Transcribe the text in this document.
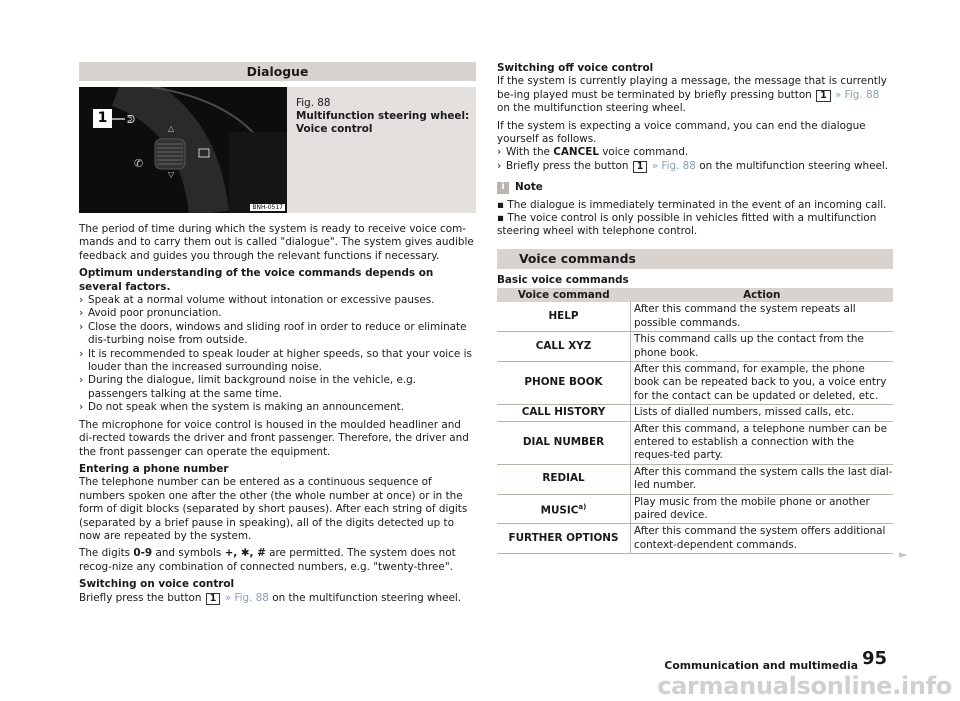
Dialogue
ᕲ
△
▽
✆
1
BNH-0517
Fig. 88
Multifunction steering wheel:
Voice control

The period of time during which the system is ready to receive voice com-mands and to carry them out is called "dialogue". The system gives audible feedback and guides you through the relevant functions if necessary.

Optimum understanding of the voice commands depends on several factors.

› Speak at a normal volume without intonation or excessive pauses.
› Avoid poor pronunciation.
› Close the doors, windows and sliding roof in order to reduce or eliminate dis-turbing noise from outside.
› It is recommended to speak louder at higher speeds, so that your voice is louder than the increased surrounding noise.
› During the dialogue, limit background noise in the vehicle, e.g. passengers talking at the same time.
› Do not speak when the system is making an announcement.

The microphone for voice control is housed in the moulded headliner and di-rected towards the driver and front passenger. Therefore, the driver and the front passenger can operate the equipment.

Entering a phone number

The telephone number can be entered as a continuous sequence of numbers spoken one after the other (the whole number at once) or in the form of digit blocks (separated by short pauses). After each string of digits (separated by a brief pause in speaking), all of the digits detected up to now are repeated by the system.

The digits 0-9 and symbols +, ✱, # are permitted. The system does not recog-nize any combination of connected numbers, e.g. "twenty-three".

Switching on voice control

Briefly press the button 1 » Fig. 88 on the multifunction steering wheel.

Switching off voice control

If the system is currently playing a message, the message that is currently be-ing played must be terminated by briefly pressing button 1 » Fig. 88 on the multifunction steering wheel.

If the system is expecting a voice command, you can end the dialogue yourself as follows.

› With the CANCEL voice command.
› Briefly press the button 1 » Fig. 88 on the multifunction steering wheel.
i	Note

▪ The dialogue is immediately terminated in the event of an incoming call.

▪ The voice control is only possible in vehicles fitted with a multifunction steering wheel with telephone control.

Voice commands

Basic voice commands

Voice command	Action
HELP	After this command the system repeats all possible commands.
CALL XYZ	This command calls up the contact from the phone book.
PHONE BOOK	After this command, for example, the phone book can be repeated back to you, a voice entry for the contact can be updated or deleted, etc.
CALL HISTORY	Lists of dialled numbers, missed calls, etc.
DIAL NUMBER	After this command, a telephone number can be entered to establish a connection with the reques-ted party.
REDIAL	After this command the system calls the last dial-led number.
MUSIC$^{a)}$	Play music from the mobile phone or another paired device.
FURTHER OPTIONS	After this command the system offers additional context-dependent commands.
►
Communication and multimedia 95
carmanualsonline.info
